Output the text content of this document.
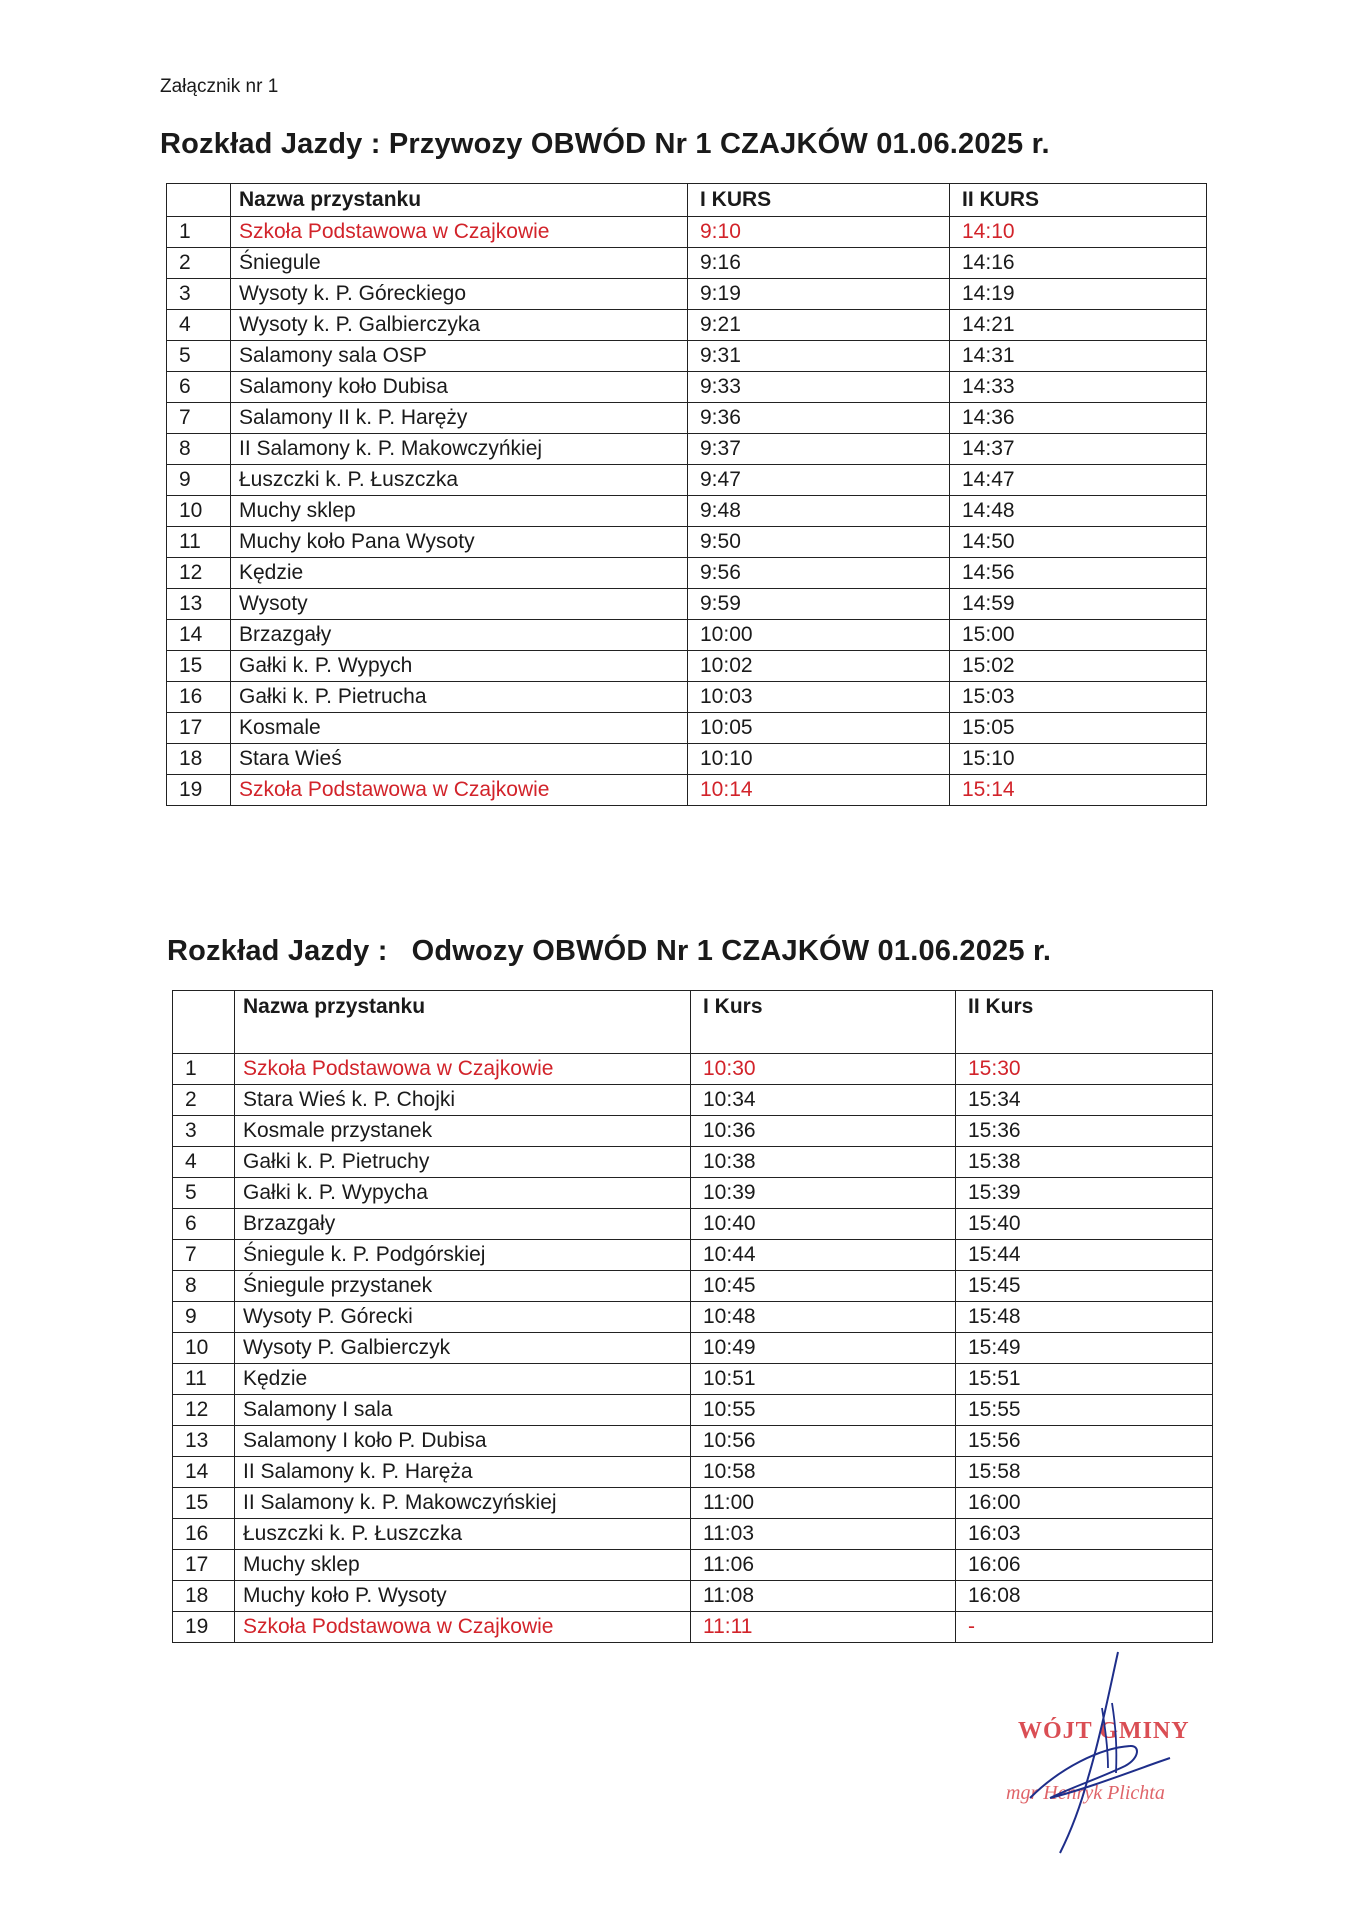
Załącznik nr 1
Rozkład Jazdy : Przywozy OBWÓD Nr 1 CZAJKÓW 01.06.2025 r.
	Nazwa przystanku	I KURS	II KURS
1	Szkoła Podstawowa w Czajkowie	9:10	14:10
2	Śniegule	9:16	14:16
3	Wysoty k. P. Góreckiego	9:19	14:19
4	Wysoty k. P. Galbierczyka	9:21	14:21
5	Salamony sala OSP	9:31	14:31
6	Salamony koło Dubisa	9:33	14:33
7	Salamony II k. P. Harężу	9:36	14:36
8	II Salamony k. P. Makowczyńkiej	9:37	14:37
9	Łuszczki k. P. Łuszczka	9:47	14:47
10	Muchy sklep	9:48	14:48
11	Muchy koło Pana Wysoty	9:50	14:50
12	Kędzie	9:56	14:56
13	Wysoty	9:59	14:59
14	Brzazgały	10:00	15:00
15	Gałki k. P. Wypych	10:02	15:02
16	Gałki k. P. Pietrucha	10:03	15:03
17	Kosmale	10:05	15:05
18	Stara Wieś	10:10	15:10
19	Szkoła Podstawowa w Czajkowie	10:14	15:14
Rozkład Jazdy : Odwozy OBWÓD Nr 1 CZAJKÓW 01.06.2025 r.
	Nazwa przystanku	I Kurs	II Kurs
1	Szkoła Podstawowa w Czajkowie	10:30	15:30
2	Stara Wieś k. P. Chojki	10:34	15:34
3	Kosmale przystanek	10:36	15:36
4	Gałki k. P. Pietruchy	10:38	15:38
5	Gałki k. P. Wypycha	10:39	15:39
6	Brzazgały	10:40	15:40
7	Śniegule k. P. Podgórskiej	10:44	15:44
8	Śniegule przystanek	10:45	15:45
9	Wysoty P. Górecki	10:48	15:48
10	Wysoty P. Galbierczyk	10:49	15:49
11	Kędzie	10:51	15:51
12	Salamony I sala	10:55	15:55
13	Salamony I koło P. Dubisa	10:56	15:56
14	II Salamony k. P. Haręża	10:58	15:58
15	II Salamony k. P. Makowczyńskiej	11:00	16:00
16	Łuszczki k. P. Łuszczka	11:03	16:03
17	Muchy sklep	11:06	16:06
18	Muchy koło P. Wysoty	11:08	16:08
19	Szkoła Podstawowa w Czajkowie	11:11	-
WÓJT GMINY
mgr Henryk Plichta
